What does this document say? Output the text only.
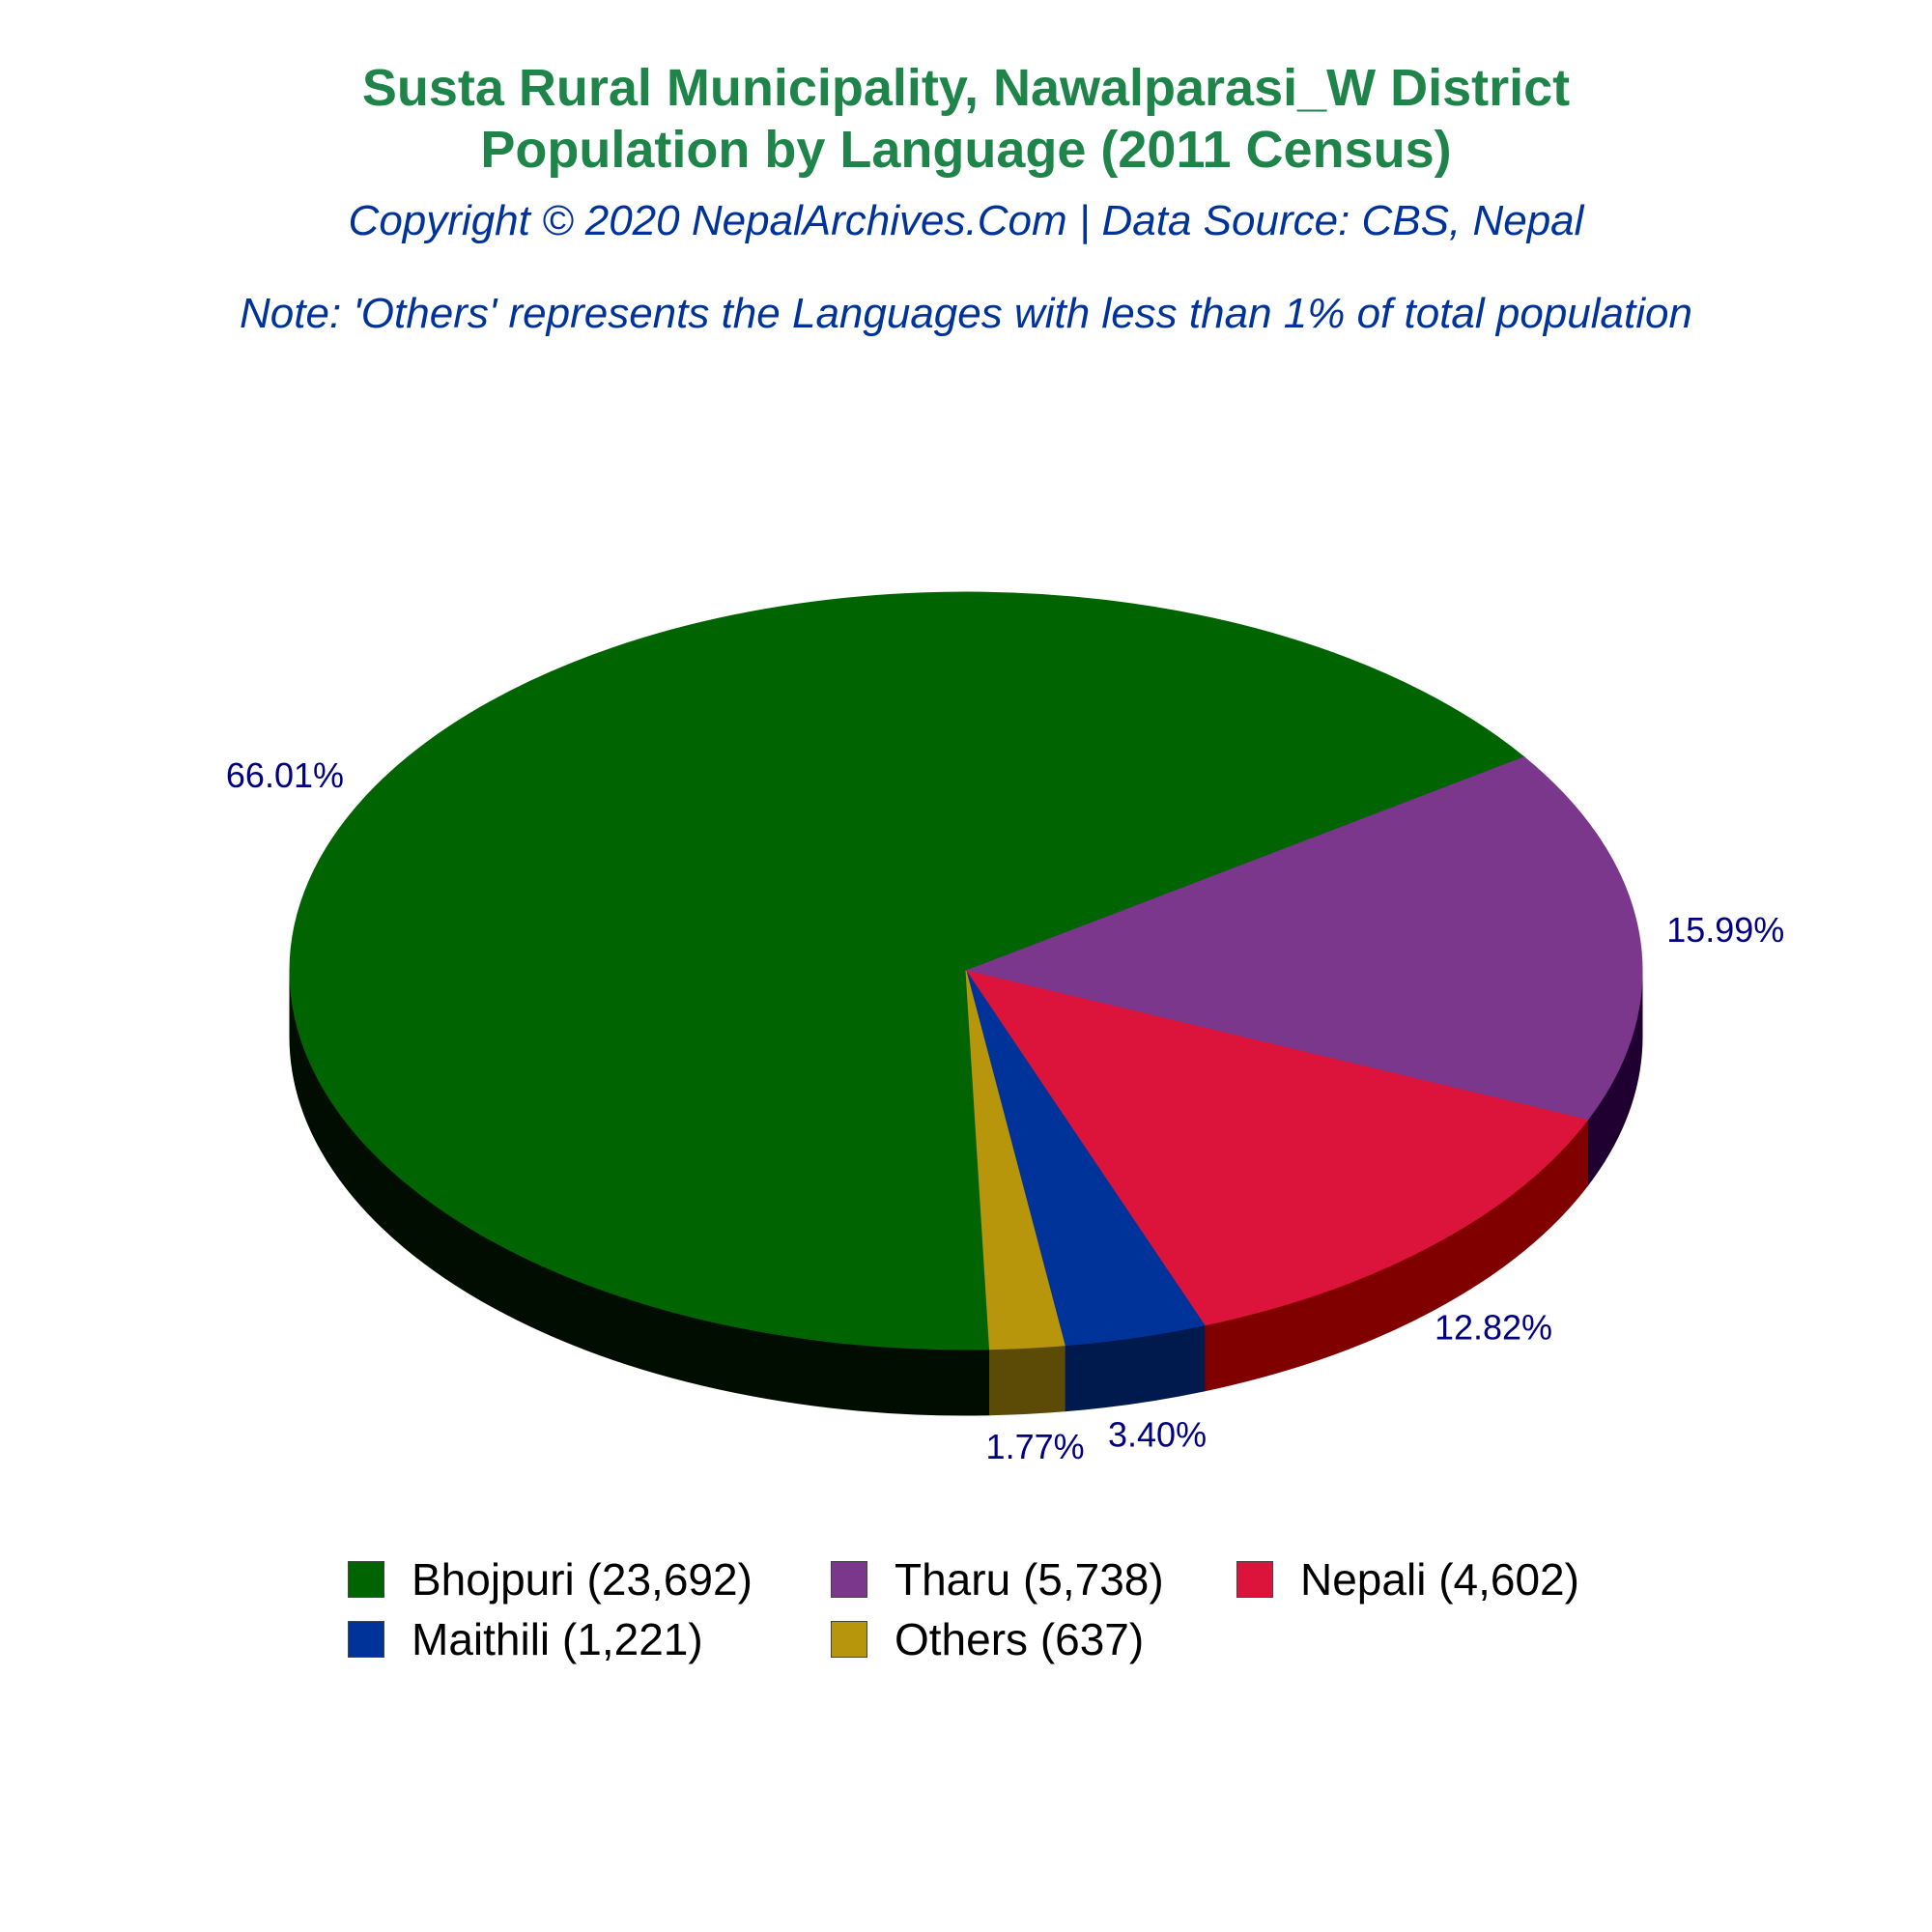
Susta Rural Municipality, Nawalparasi_W District
Population by Language (2011 Census)
Copyright © 2020 NepalArchives.Com | Data Source: CBS, Nepal
Note: 'Others' represents the Languages with less than 1% of total population
66.01%
15.99%
12.82%
3.40%
1.77%
Bhojpuri (23,692)	Tharu (5,738)	Nepali (4,602)
Maithili (1,221)	Others (637)
